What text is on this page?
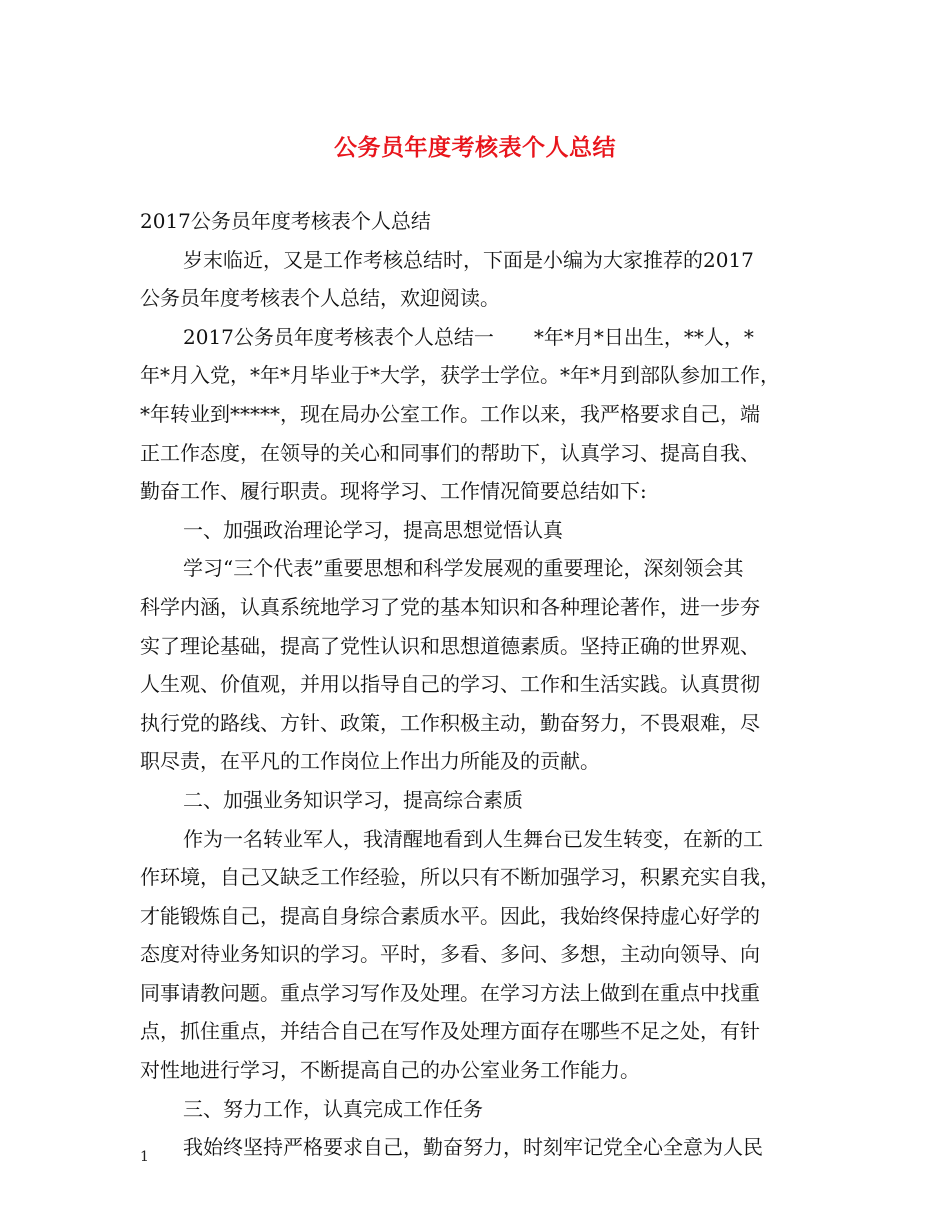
公务员年度考核表个人总结
2017公务员年度考核表个人总结
岁末临近，又是工作考核总结时，下面是小编为大家推荐的2017
公务员年度考核表个人总结，欢迎阅读。
2017公务员年度考核表个人总结一　　*年*月*日出生，**人，*
年*月入党，*年*月毕业于*大学，获学士学位。*年*月到部队参加工作，
*年转业到*****，现在局办公室工作。工作以来，我严格要求自己，端
正工作态度，在领导的关心和同事们的帮助下，认真学习、提高自我、
勤奋工作、履行职责。现将学习、工作情况简要总结如下:
一、加强政治理论学习，提高思想觉悟认真
学习“三个代表”重要思想和科学发展观的重要理论，深刻领会其
科学内涵，认真系统地学习了党的基本知识和各种理论著作，进一步夯
实了理论基础，提高了党性认识和思想道德素质。坚持正确的世界观、
人生观、价值观，并用以指导自己的学习、工作和生活实践。认真贯彻
执行党的路线、方针、政策，工作积极主动，勤奋努力，不畏艰难，尽
职尽责，在平凡的工作岗位上作出力所能及的贡献。
二、加强业务知识学习，提高综合素质
作为一名转业军人，我清醒地看到人生舞台已发生转变，在新的工
作环境，自己又缺乏工作经验，所以只有不断加强学习，积累充实自我，
才能锻炼自己，提高自身综合素质水平。因此，我始终保持虚心好学的
态度对待业务知识的学习。平时，多看、多问、多想，主动向领导、向
同事请教问题。重点学习写作及处理。在学习方法上做到在重点中找重
点，抓住重点，并结合自己在写作及处理方面存在哪些不足之处，有针
对性地进行学习，不断提高自己的办公室业务工作能力。
三、努力工作，认真完成工作任务
我始终坚持严格要求自己，勤奋努力，时刻牢记党全心全意为人民
1
